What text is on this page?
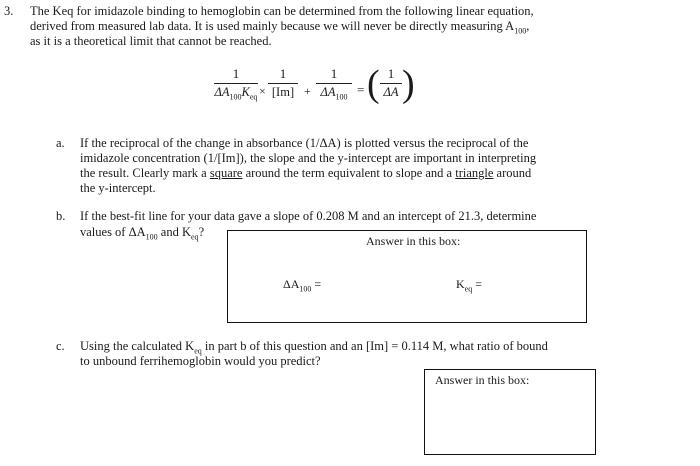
3. The Keq for imidazole binding to hemoglobin can be determined from the following linear equation,
derived from measured lab data. It is used mainly because we will never be directly measuring $A_{100}$,
as it is a theoretical limit that cannot be reached.
1
$\Delta A_{100}K_{eq}$ ×
1
[Im] +
1
$\Delta A_{100}$ = ( 1
ΔA )
a. If the reciprocal of the change in absorbance (1/ΔA) is plotted versus the reciprocal of the
imidazole concentration (1/[Im]), the slope and the y-intercept are important in interpreting
the result. Clearly mark a square around the term equivalent to slope and a triangle around
the y-intercept.
b. If the best-fit line for your data gave a slope of 0.208 M and an intercept of 21.3, determine
values of $\Delta A_{100}$ and $K_{eq}$?
Answer in this box:
$\Delta A_{100}$ =	$K_{eq}$ =
c. Using the calculated $K_{eq}$ in part b of this question and an [Im] = 0.114 M, what ratio of bound
to unbound ferrihemoglobin would you predict?
Answer in this box:
